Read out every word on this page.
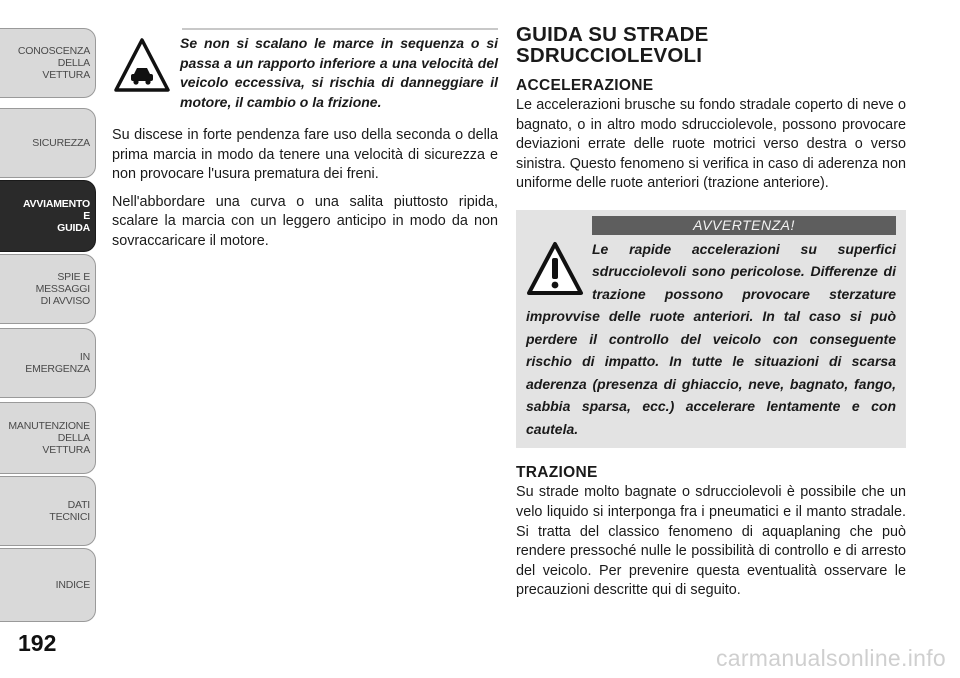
CONOSCENZA
DELLA
VETTURA
SICUREZZA
AVVIAMENTO
E
GUIDA
SPIE E
MESSAGGI
DI AVVISO
IN
EMERGENZA
MANUTENZIONE
DELLA
VETTURA
DATI
TECNICI
INDICE
192

Se non si scalano le marce in sequenza o si passa a un rapporto inferiore a una velocità del veicolo eccessiva, si rischia di danneggiare il motore, il cambio o la frizione.

Su discese in forte pendenza fare uso della seconda o della prima marcia in modo da tenere una velocità di sicurezza e non provocare l'usura prematura dei freni.

Nell'abbordare una curva o una salita piuttosto ripida, scalare la marcia con un leggero anticipo in modo da non sovraccaricare il motore.

GUIDA SU STRADE
SDRUCCIOLEVOLI
ACCELERAZIONE

Le accelerazioni brusche su fondo stradale coperto di neve o bagnato, o in altro modo sdrucciolevole, possono provocare deviazioni errate delle ruote motrici verso destra o verso sinistra. Questo fenomeno si verifica in caso di aderenza non uniforme delle ruote anteriori (trazione anteriore).

AVVERTENZA!

Le rapide accelerazioni su superfici sdrucciolevoli sono pericolose. Differenze di trazione possono provocare sterzature improvvise delle ruote anteriori. In tal caso si può perdere il controllo del veicolo con conseguente rischio di impatto. In tutte le situazioni di scarsa aderenza (presenza di ghiaccio, neve, bagnato, fango, sabbia sparsa, ecc.) accelerare lentamente e con cautela.

TRAZIONE

Su strade molto bagnate o sdrucciolevoli è possibile che un velo liquido si interponga fra i pneumatici e il manto stradale. Si tratta del classico fenomeno di aquaplaning che può rendere pressoché nulle le possibilità di controllo e di arresto del veicolo. Per prevenire questa eventualità osservare le precauzioni descritte qui di seguito.

carmanualsonline.info
